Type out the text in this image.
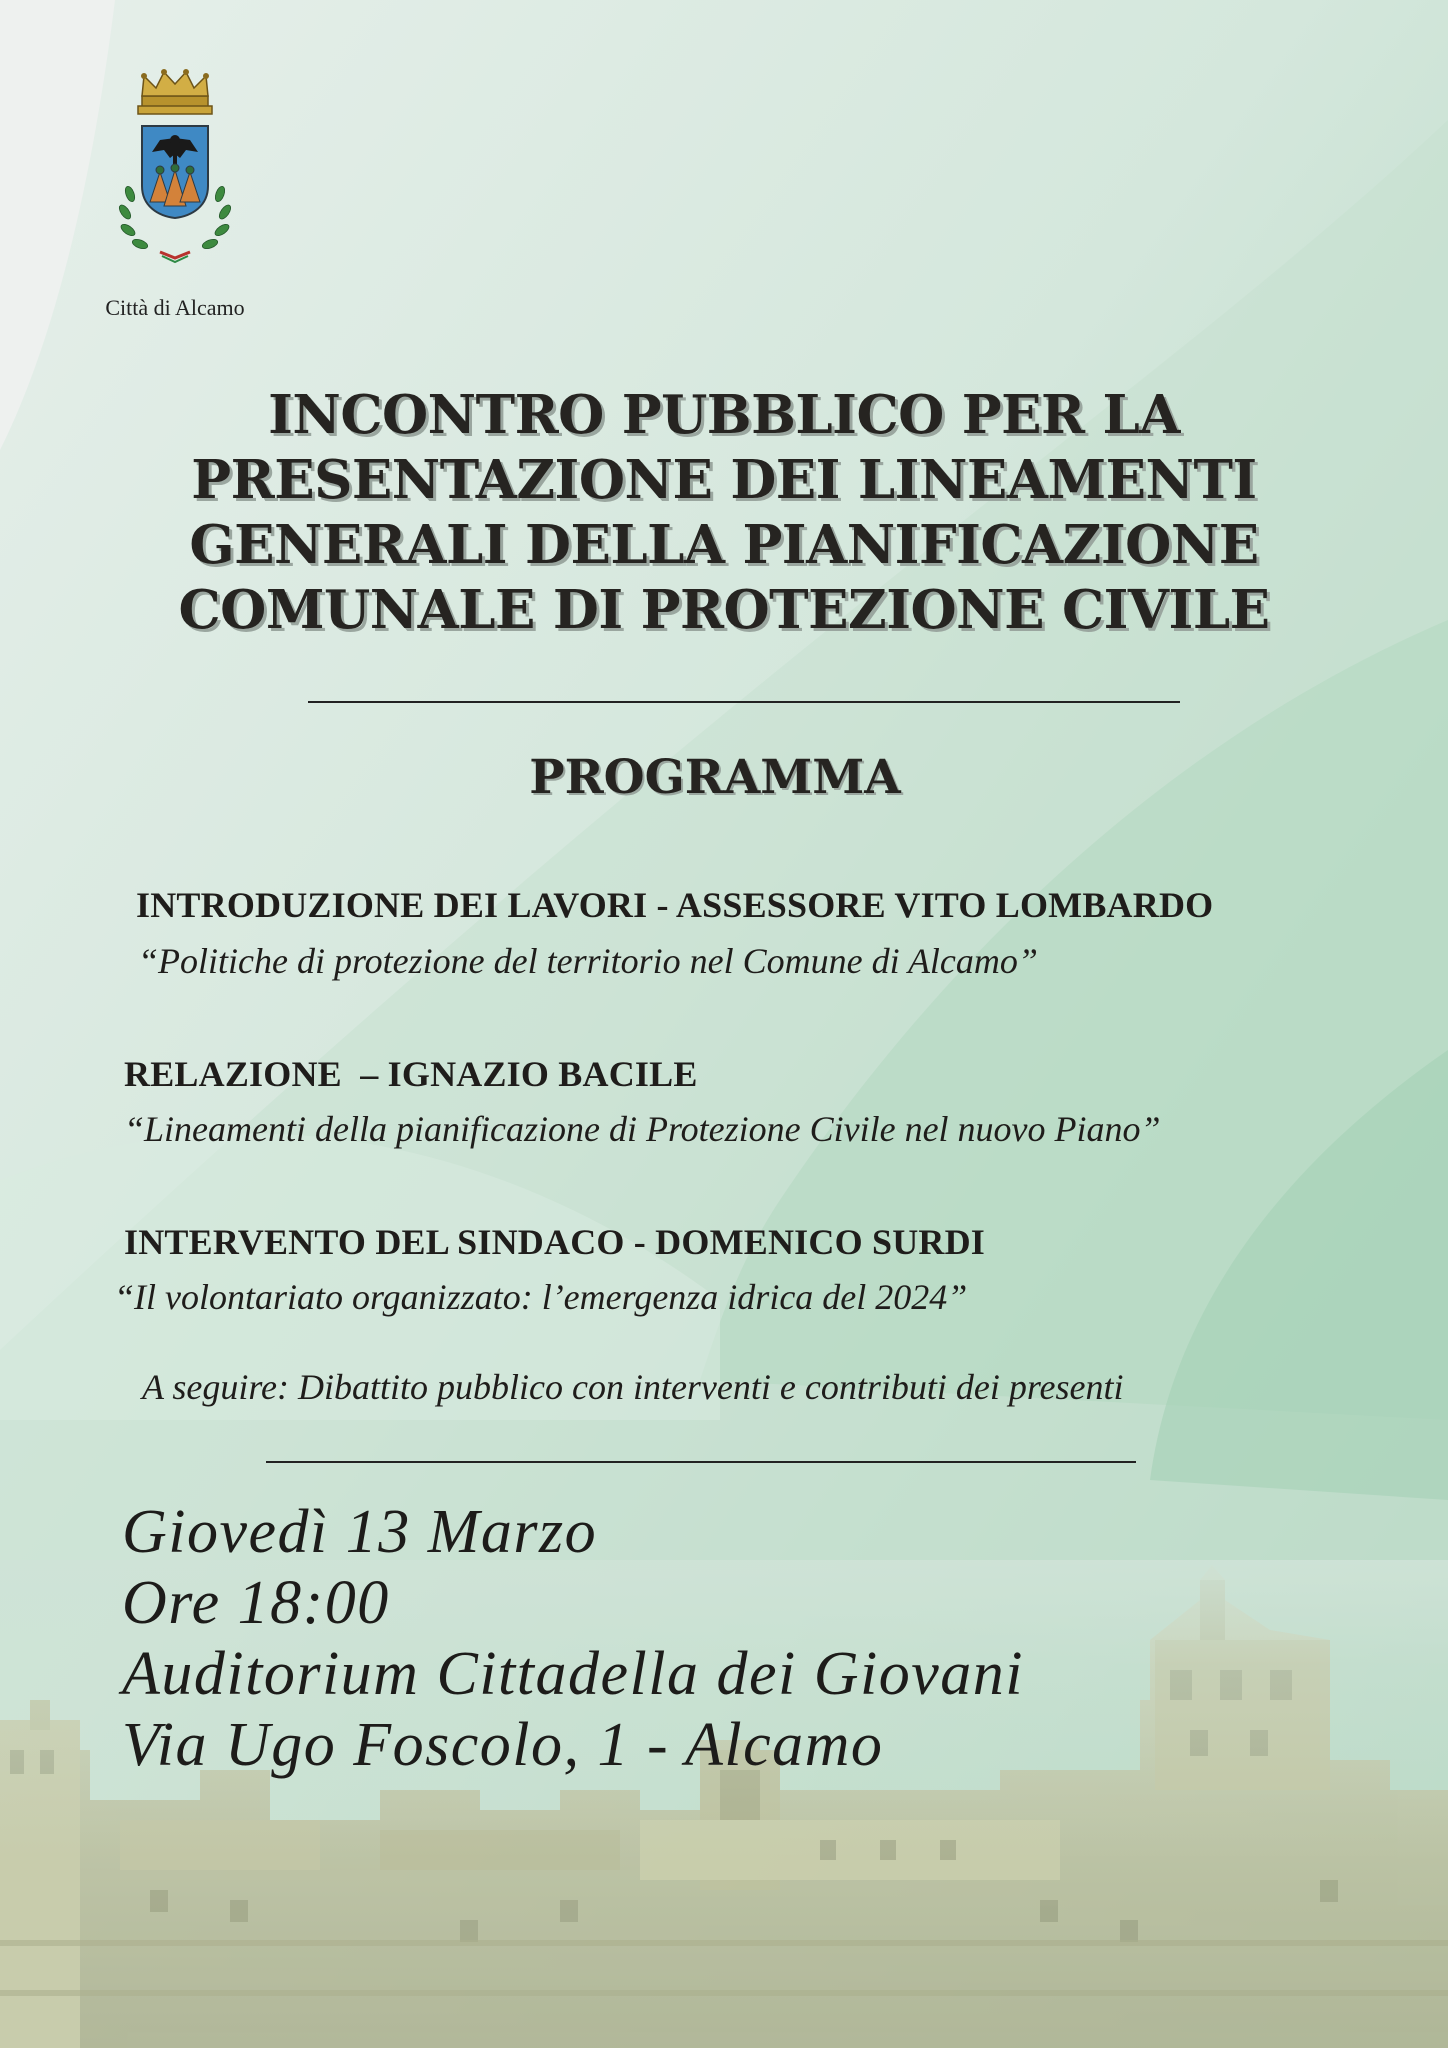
Città di Alcamo
INCONTRO PUBBLICO PER LA
PRESENTAZIONE DEI LINEAMENTI
GENERALI DELLA PIANIFICAZIONE
COMUNALE DI PROTEZIONE CIVILE
PROGRAMMA
INTRODUZIONE DEI LAVORI - ASSESSORE VITO LOMBARDO
“Politiche di protezione del territorio nel Comune di Alcamo”
RELAZIONE  – IGNAZIO BACILE
“Lineamenti della pianificazione di Protezione Civile nel nuovo Piano”
INTERVENTO DEL SINDACO - DOMENICO SURDI
“Il volontariato organizzato: l’emergenza idrica del 2024”
A seguire: Dibattito pubblico con interventi e contributi dei presenti
Giovedì 13 Marzo
Ore 18:00
Auditorium Cittadella dei Giovani
Via Ugo Foscolo, 1 - Alcamo
